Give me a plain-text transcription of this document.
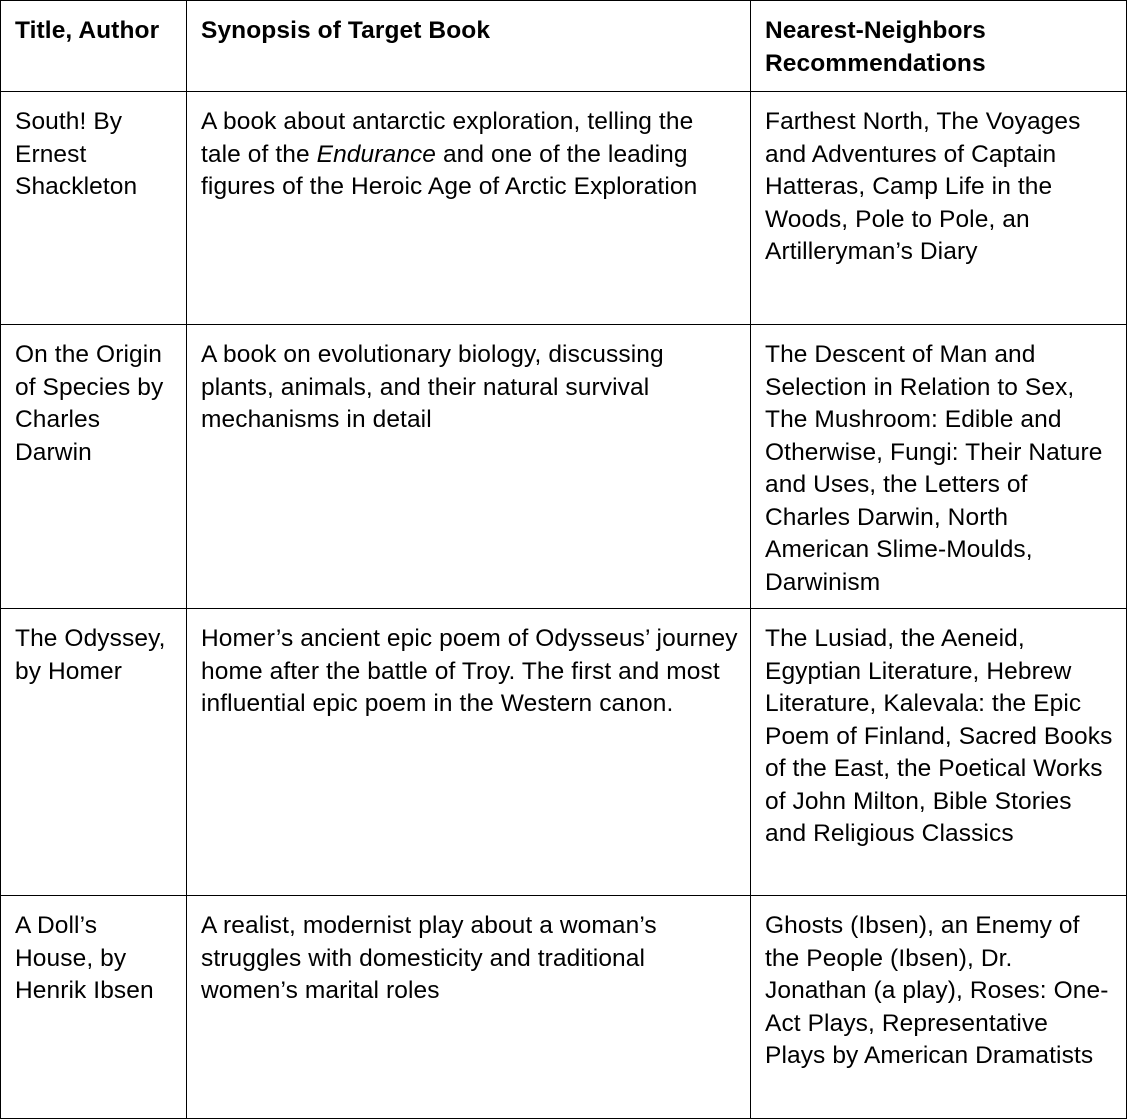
Title, Author	Synopsis of Target Book	Nearest-Neighbors
Recommendations
South! By Ernest Shackleton
A book about antarctic exploration, telling the tale of the Endurance and one of the leading figures of the Heroic Age of Arctic Exploration
Farthest North, The Voyages and Adventures of Captain Hatteras, Camp Life in the Woods, Pole to Pole, an Artilleryman’s Diary
On the Origin of Species by Charles Darwin
A book on evolutionary biology, discussing plants, animals, and their natural survival mechanisms in detail
The Descent of Man and Selection in Relation to Sex, The Mushroom: Edible and Otherwise, Fungi: Their Nature and Uses, the Letters of Charles Darwin, North American Slime-Moulds, Darwinism
The Odyssey, by Homer
Homer’s ancient epic poem of Odysseus’ journey home after the battle of Troy. The first and most influential epic poem in the Western canon.
The Lusiad, the Aeneid, Egyptian Literature, Hebrew Literature, Kalevala: the Epic Poem of Finland, Sacred Books of the East, the Poetical Works of John Milton, Bible Stories and Religious Classics
A Doll’s House, by Henrik Ibsen
A realist, modernist play about a woman’s struggles with domesticity and traditional women’s marital roles
Ghosts (Ibsen), an Enemy of the People (Ibsen), Dr. Jonathan (a play), Roses: One-Act Plays, Representative Plays by American Dramatists
